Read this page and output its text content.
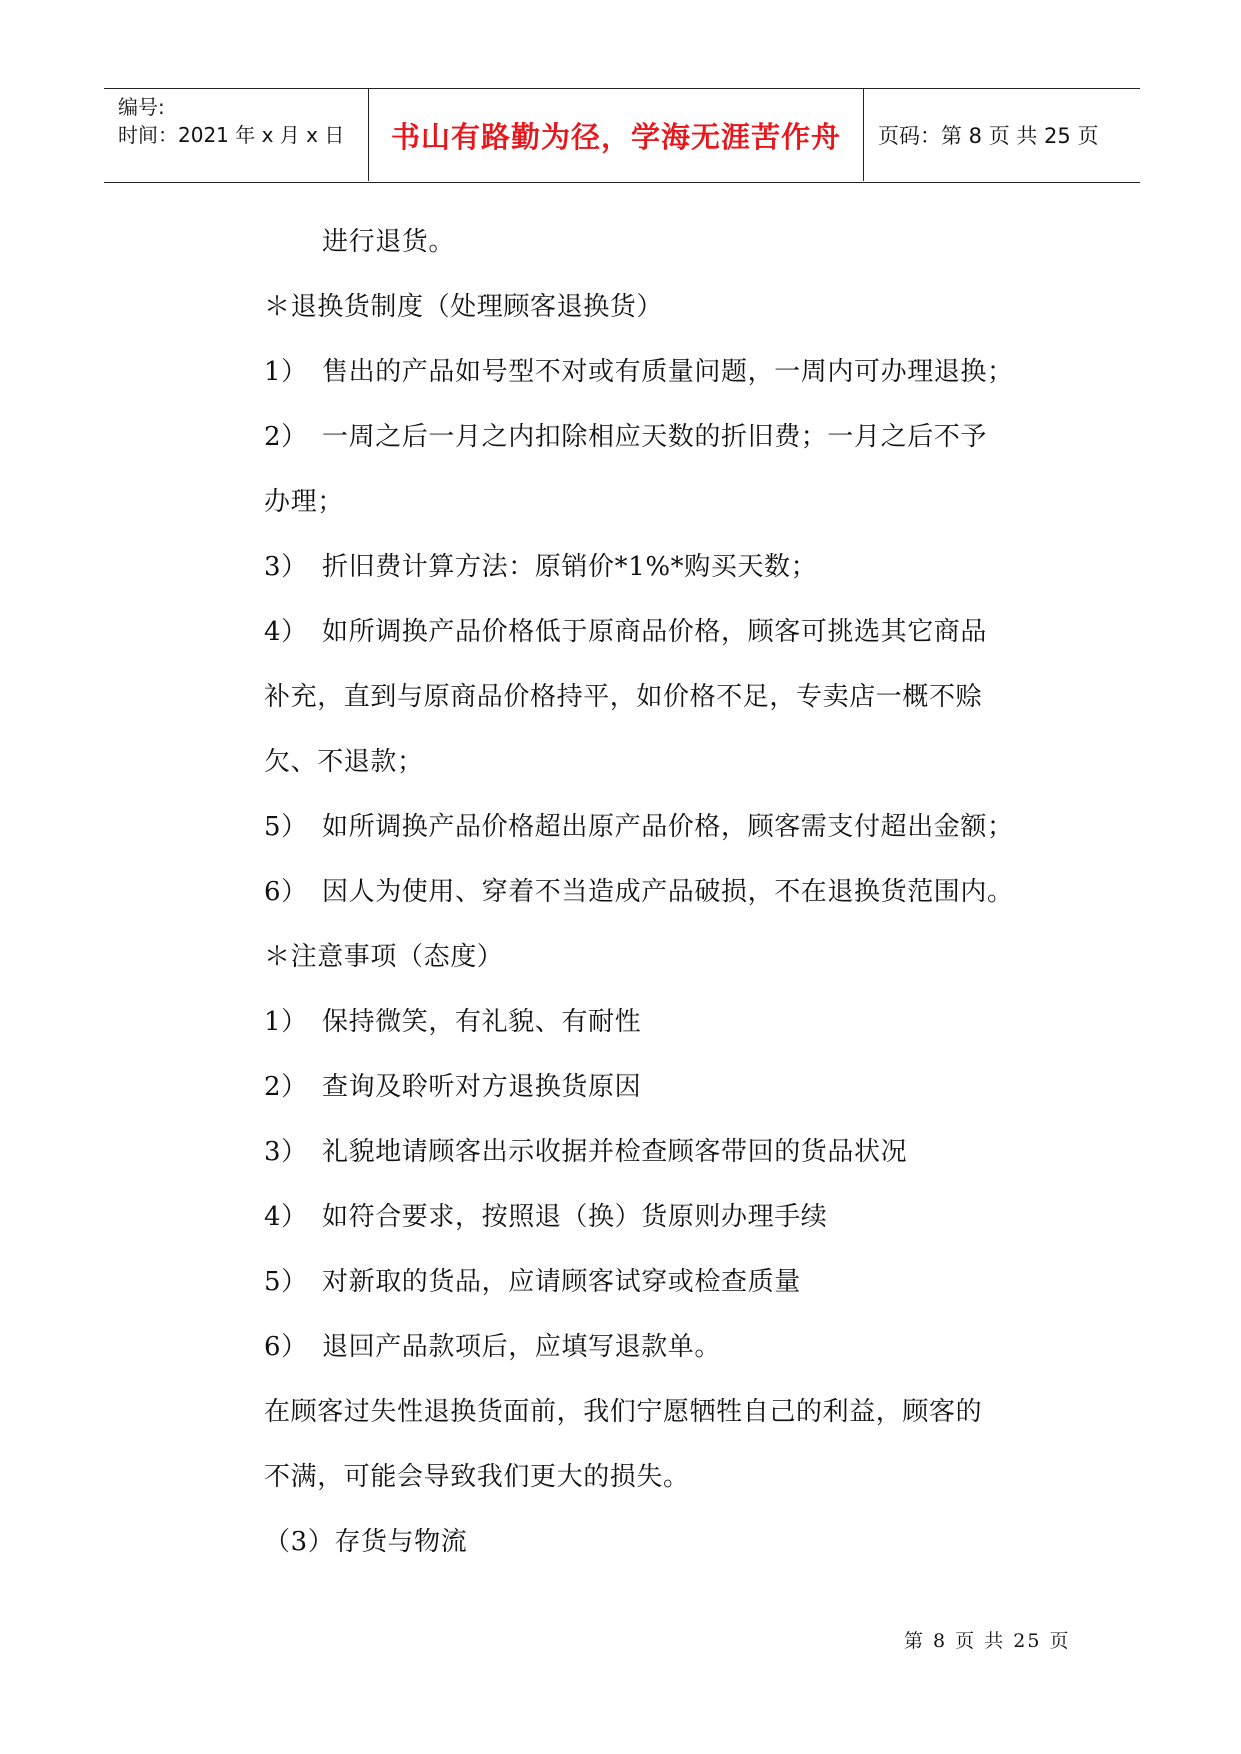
编号:
时间：2021 年 x 月 x 日	书山有路勤为径，学海无涯苦作舟	页码：第 8 页 共 25 页
进行退货。
＊退换货制度（处理顾客退换货）
1） 售出的产品如号型不对或有质量问题，一周内可办理退换；
2） 一周之后一月之内扣除相应天数的折旧费；一月之后不予
办理；
3） 折旧费计算方法：原销价*1%*购买天数；
4） 如所调换产品价格低于原商品价格，顾客可挑选其它商品
补充，直到与原商品价格持平，如价格不足，专卖店一概不赊
欠、不退款；
5） 如所调换产品价格超出原产品价格，顾客需支付超出金额；
6） 因人为使用、穿着不当造成产品破损，不在退换货范围内。
＊注意事项（态度）
1） 保持微笑，有礼貌、有耐性
2） 查询及聆听对方退换货原因
3） 礼貌地请顾客出示收据并检查顾客带回的货品状况
4） 如符合要求，按照退（换）货原则办理手续
5） 对新取的货品，应请顾客试穿或检查质量
6） 退回产品款项后，应填写退款单。
在顾客过失性退换货面前，我们宁愿牺牲自己的利益，顾客的
不满，可能会导致我们更大的损失。
（3）存货与物流
第 8 页 共 25 页
